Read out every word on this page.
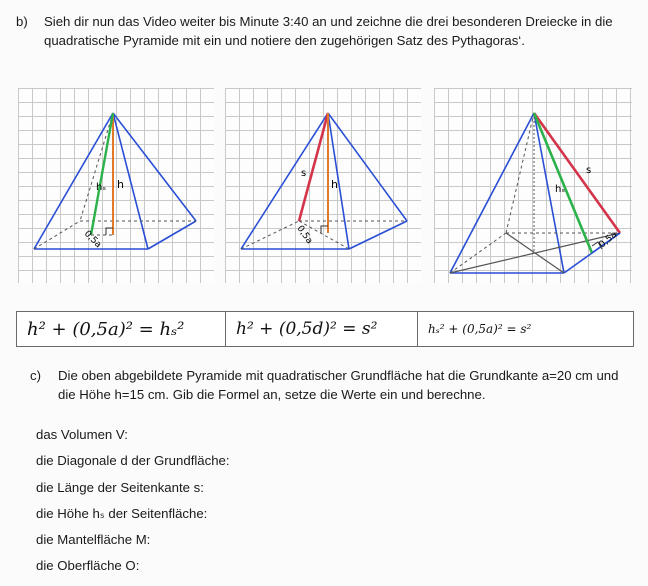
b) Sieh dir nun das Video weiter bis Minute 3:40 an und zeichne die drei besonderen Dreiecke in die quadratische Pyramide mit ein und notiere den zugehörigen Satz des Pythagoras‘.
h
hₛ
0,5a
s
h
0,5a
s
hₛ
0,5a
h² + (0,5a)² = hₛ²	h² + (0,5d)² = s²	hₛ² + (0,5a)² = s²
c) Die oben abgebildete Pyramide mit quadratischer Grundfläche hat die Grundkante a=20 cm und die Höhe h=15 cm. Gib die Formel an, setze die Werte ein und berechne.
das Volumen V:
die Diagonale d der Grundfläche:
die Länge der Seitenkante s:
die Höhe hₛ der Seitenfläche:
die Mantelfläche M:
die Oberfläche O:
